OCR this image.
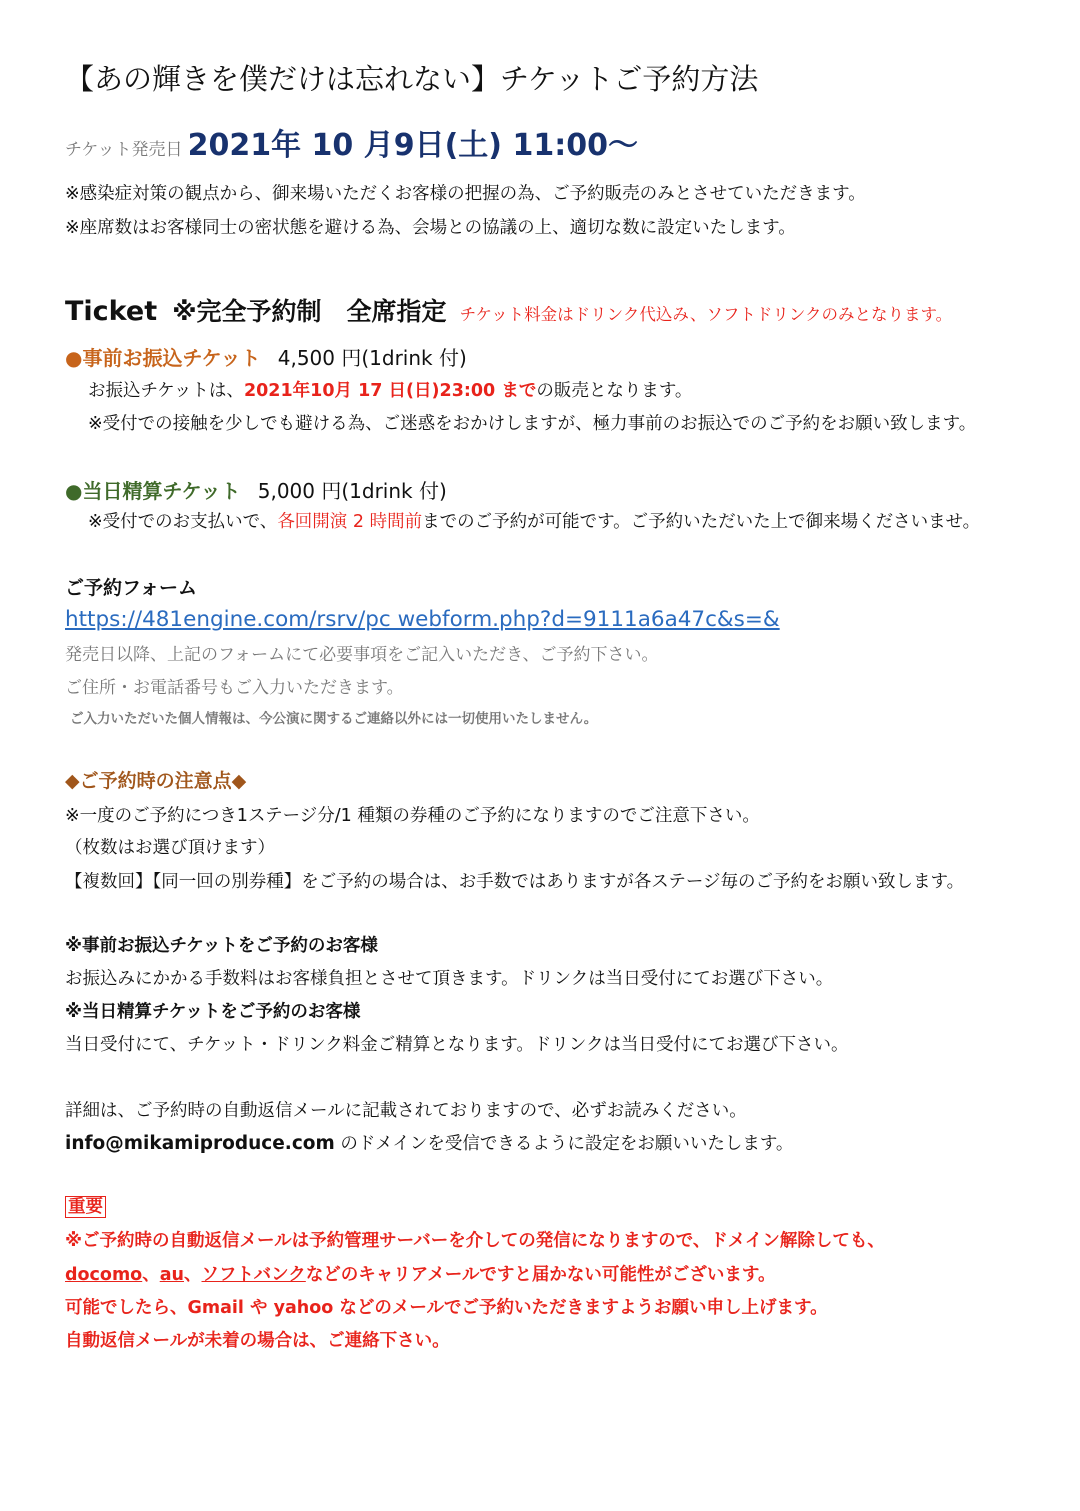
【あの輝きを僕だけは忘れない】チケットご予約方法
チケット発売日 2021年 10 月9日(土) 11:00～
※感染症対策の観点から、御来場いただくお客様の把握の為、ご予約販売のみとさせていただきます。
※座席数はお客様同士の密状態を避ける為、会場との協議の上、適切な数に設定いたします。
Ticket ※完全予約制　全席指定 チケット料金はドリンク代込み、ソフトドリンクのみとなります。
●事前お振込チケット 4,500 円(1drink 付)
お振込チケットは、2021年10月 17 日(日)23:00 までの販売となります。
※受付での接触を少しでも避ける為、ご迷惑をおかけしますが、極力事前のお振込でのご予約をお願い致します。
●当日精算チケット 5,000 円(1drink 付)
※受付でのお支払いで、各回開演 2 時間前までのご予約が可能です。ご予約いただいた上で御来場くださいませ。
ご予約フォーム
https://481engine.com/rsrv/pc webform.php?d=9111a6a47c&s=&
発売日以降、上記のフォームにて必要事項をご記入いただき、ご予約下さい。
ご住所・お電話番号もご入力いただきます。
ご入力いただいた個人情報は、今公演に関するご連絡以外には一切使用いたしません。
◆ご予約時の注意点◆
※一度のご予約につき1ステージ分/1 種類の券種のご予約になりますのでご注意下さい。
（枚数はお選び頂けます）
【複数回】【同一回の別券種】をご予約の場合は、お手数ではありますが各ステージ毎のご予約をお願い致します。
※事前お振込チケットをご予約のお客様
お振込みにかかる手数料はお客様負担とさせて頂きます。ドリンクは当日受付にてお選び下さい。
※当日精算チケットをご予約のお客様
当日受付にて、チケット・ドリンク料金ご精算となります。ドリンクは当日受付にてお選び下さい。
詳細は、ご予約時の自動返信メールに記載されておりますので、必ずお読みください。
info@mikamiproduce.com のドメインを受信できるように設定をお願いいたします。
重要
※ご予約時の自動返信メールは予約管理サーバーを介しての発信になりますので、ドメイン解除しても、
docomo、au、ソフトバンクなどのキャリアメールですと届かない可能性がございます。
可能でしたら、Gmail や yahoo などのメールでご予約いただきますようお願い申し上げます。
自動返信メールが未着の場合は、ご連絡下さい。
